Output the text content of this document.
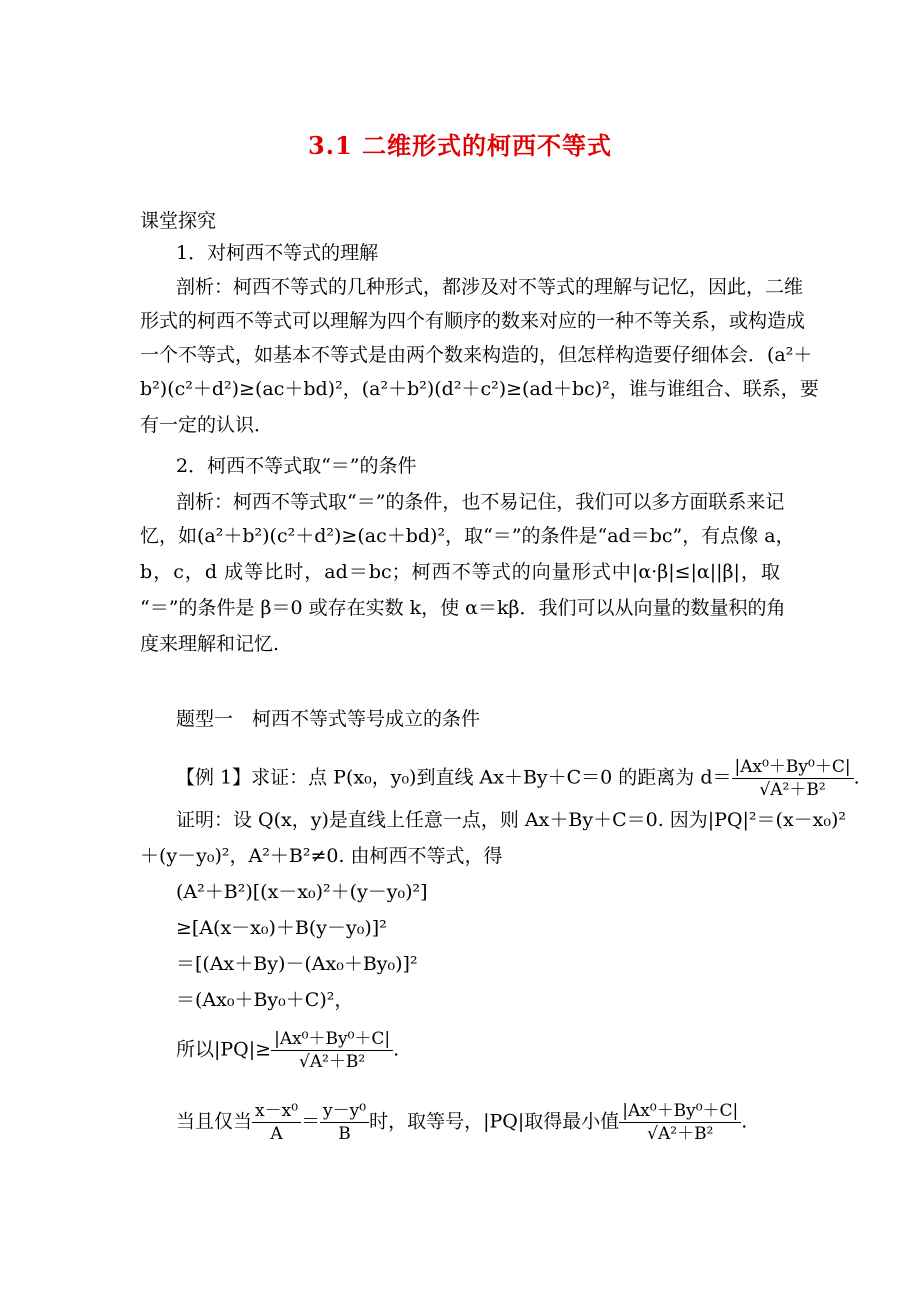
3.1 二维形式的柯西不等式
课堂探究
1．对柯西不等式的理解
剖析：柯西不等式的几种形式，都涉及对不等式的理解与记忆，因此，二维
形式的柯西不等式可以理解为四个有顺序的数来对应的一种不等关系，或构造成
一个不等式，如基本不等式是由两个数来构造的，但怎样构造要仔细体会．(a²＋
b²)(c²＋d²)≥(ac＋bd)²，(a²＋b²)(d²＋c²)≥(ad＋bc)²，谁与谁组合、联系，要
有一定的认识．
2．柯西不等式取“＝”的条件
剖析：柯西不等式取“＝”的条件，也不易记住，我们可以多方面联系来记
忆，如(a²＋b²)(c²＋d²)≥(ac＋bd)²，取“＝”的条件是“ad＝bc”，有点像 a，
b，c，d 成等比时，ad＝bc；柯西不等式的向量形式中|α·β|≤|α||β|，取
“＝”的条件是 β＝0 或存在实数 k，使 α＝kβ．我们可以从向量的数量积的角
度来理解和记忆.
题型一　柯西不等式等号成立的条件
【例 1】求证：点 P(x₀，y₀)到直线 Ax＋By＋C＝0 的距离为 $d= \frac{\text{|Ax⁰＋By⁰＋C|}}{\text{√A²＋B²}}$ .
证明：设 Q(x，y)是直线上任意一点，则 Ax＋By＋C＝0. 因为|PQ|²＝(x－x₀)²
＋(y－y₀)²，A²＋B²≠0. 由柯西不等式，得
(A²＋B²)[(x－x₀)²＋(y－y₀)²]
≥[A(x－x₀)＋B(y－y₀)]²
＝[(Ax＋By)－(Ax₀＋By₀)]²
＝(Ax₀＋By₀＋C)²，
所以$|PQ|\ge \frac{\text{|Ax⁰＋By⁰＋C|}}{\text{√A²＋B²}}$ .
当且仅当 $\frac{\text{x－x⁰}}{A} = \frac{\text{y－y⁰}}{B}$ 时，取等号，|PQ|取得最小值 $\frac{\text{|Ax⁰＋By⁰＋C|}}{\text{√A²＋B²}}$ .
